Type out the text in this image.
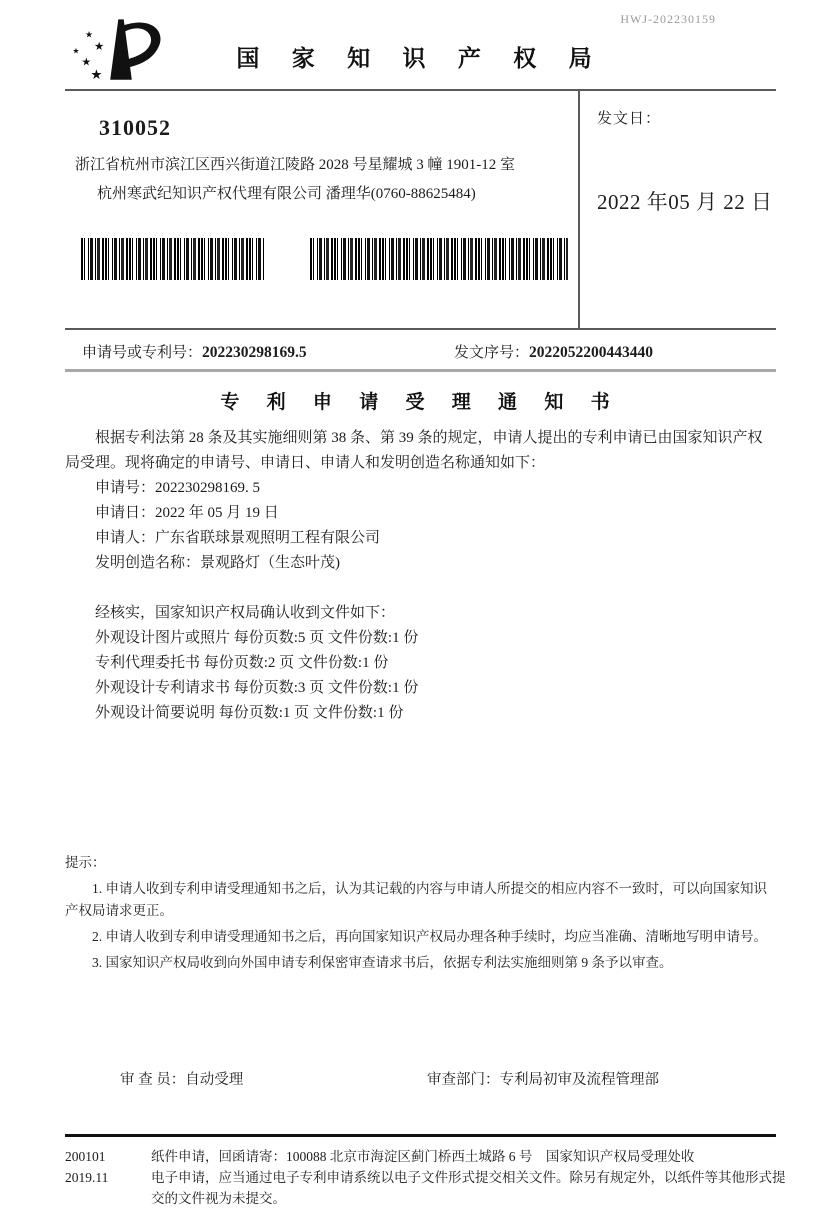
★
★
★
★
★
HWJ-202230159
国 家 知 识 产 权 局
310052
浙江省杭州市滨江区西兴街道江陵路 2028 号星耀城 3 幢 1901-12 室
杭州寒武纪知识产权代理有限公司 潘理华(0760-88625484)
发文日：
2022 年05 月 22 日
申请号或专利号：202230298169.5	发文序号：2022052200443440
专 利 申 请 受 理 通 知 书

根据专利法第 28 条及其实施细则第 38 条、第 39 条的规定，申请人提出的专利申请已由国家知识产权局受理。现将确定的申请号、申请日、申请人和发明创造名称通知如下：

申请号：202230298169. 5

申请日：2022 年 05 月 19 日

申请人：广东省联球景观照明工程有限公司

发明创造名称：景观路灯（生态叶茂)

经核实，国家知识产权局确认收到文件如下：

外观设计图片或照片 每份页数:5 页 文件份数:1 份

专利代理委托书 每份页数:2 页 文件份数:1 份

外观设计专利请求书 每份页数:3 页 文件份数:1 份

外观设计简要说明 每份页数:1 页 文件份数:1 份

提示：

1. 申请人收到专利申请受理通知书之后，认为其记载的内容与申请人所提交的相应内容不一致时，可以向国家知识产权局请求更正。

2. 申请人收到专利申请受理通知书之后，再向国家知识产权局办理各种手续时，均应当准确、清晰地写明申请号。

3. 国家知识产权局收到向外国申请专利保密审查请求书后，依据专利法实施细则第 9 条予以审查。

审 查 员：自动受理	审查部门：专利局初审及流程管理部
200101	纸件申请，回函请寄：100088 北京市海淀区蓟门桥西土城路 6 号　国家知识产权局受理处收
2019.11	电子申请，应当通过电子专利申请系统以电子文件形式提交相关文件。除另有规定外，以纸件等其他形式提交的文件视为未提交。
